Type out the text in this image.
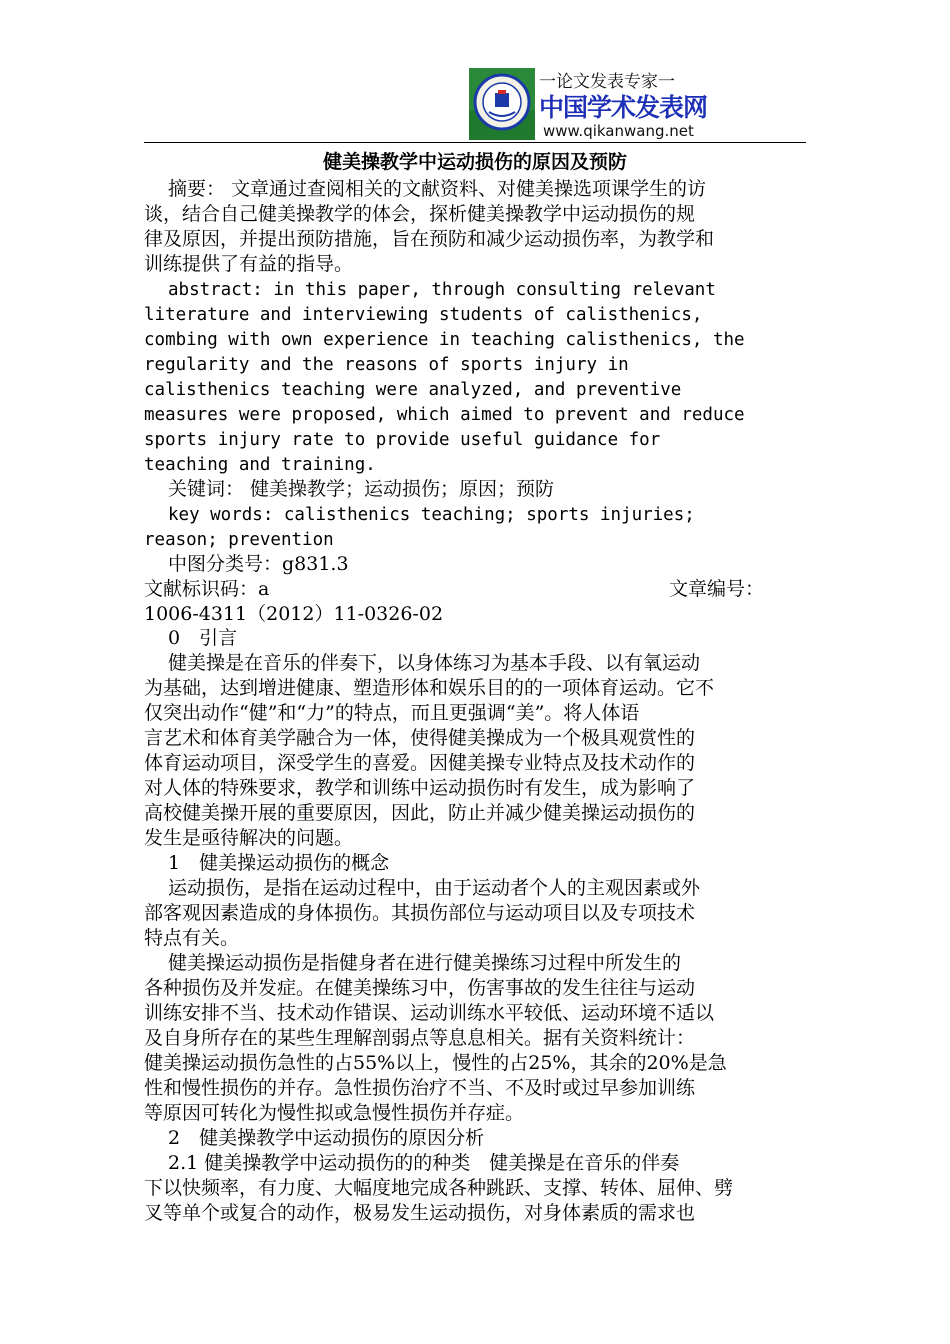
一论文发表专家一
中国学术发表网
www.qikanwang.net
健美操教学中运动损伤的原因及预防
摘要： 文章通过查阅相关的文献资料、对健美操选项课学生的访
谈，结合自己健美操教学的体会，探析健美操教学中运动损伤的规
律及原因，并提出预防措施，旨在预防和减少运动损伤率，为教学和
训练提供了有益的指导。
abstract: in this paper, through consulting relevant
literature and interviewing students of calisthenics,
combing with own experience in teaching calisthenics, the
regularity and the reasons of sports injury in
calisthenics teaching were analyzed, and preventive
measures were proposed, which aimed to prevent and reduce
sports injury rate to provide useful guidance for
teaching and training.
关键词： 健美操教学；运动损伤；原因；预防
key words: calisthenics teaching; sports injuries;
reason; prevention
中图分类号：g831.3
文献标识码：a	文章编号：
1006-4311（2012）11-0326-02
0　引言
健美操是在音乐的伴奏下，以身体练习为基本手段、以有氧运动
为基础，达到增进健康、塑造形体和娱乐目的的一项体育运动。它不
仅突出动作“健”和“力”的特点，而且更强调“美”。将人体语
言艺术和体育美学融合为一体，使得健美操成为一个极具观赏性的
体育运动项目，深受学生的喜爱。因健美操专业特点及技术动作的
对人体的特殊要求，教学和训练中运动损伤时有发生，成为影响了
高校健美操开展的重要原因，因此，防止并减少健美操运动损伤的
发生是亟待解决的问题。
1　健美操运动损伤的概念
运动损伤，是指在运动过程中，由于运动者个人的主观因素或外
部客观因素造成的身体损伤。其损伤部位与运动项目以及专项技术
特点有关。
健美操运动损伤是指健身者在进行健美操练习过程中所发生的
各种损伤及并发症。在健美操练习中，伤害事故的发生往往与运动
训练安排不当、技术动作错误、运动训练水平较低、运动环境不适以
及自身所存在的某些生理解剖弱点等息息相关。据有关资料统计：
健美操运动损伤急性的占55%以上，慢性的占25%，其余的20%是急
性和慢性损伤的并存。急性损伤治疗不当、不及时或过早参加训练
等原因可转化为慢性拟或急慢性损伤并存症。
2　健美操教学中运动损伤的原因分析
2.1 健美操教学中运动损伤的的种类　健美操是在音乐的伴奏
下以快频率，有力度、大幅度地完成各种跳跃、支撑、转体、屈伸、劈
叉等单个或复合的动作，极易发生运动损伤，对身体素质的需求也
